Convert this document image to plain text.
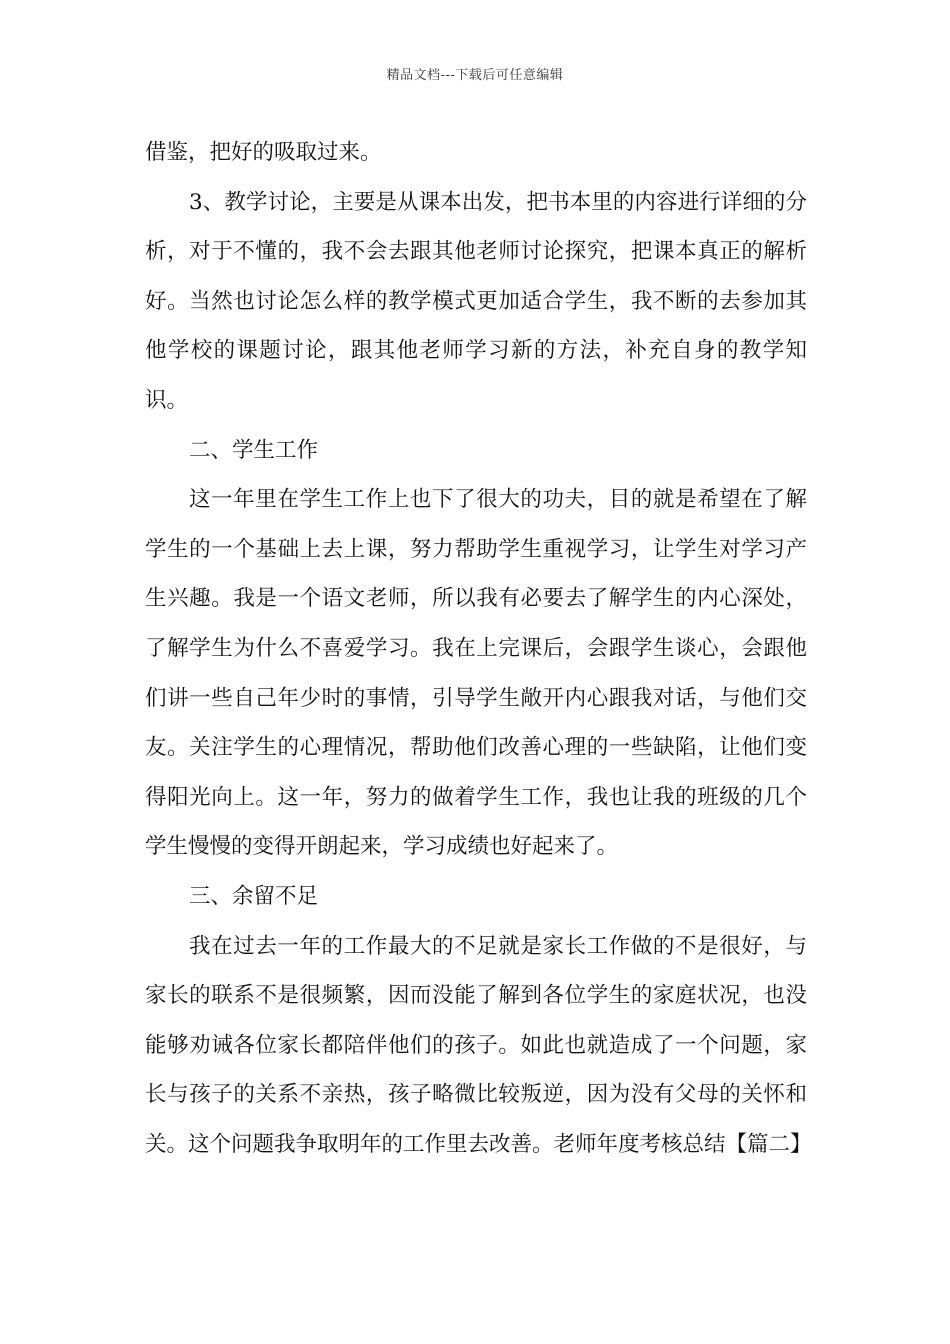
精品文档---下载后可任意编辑

借鉴，把好的吸取过来。

3、教学讨论，主要是从课本出发，把书本里的内容进行详细的分析，对于不懂的，我不会去跟其他老师讨论探究，把课本真正的解析好。当然也讨论怎么样的教学模式更加适合学生，我不断的去参加其他学校的课题讨论，跟其他老师学习新的方法，补充自身的教学知识。

二、学生工作

这一年里在学生工作上也下了很大的功夫，目的就是希望在了解学生的一个基础上去上课，努力帮助学生重视学习，让学生对学习产生兴趣。我是一个语文老师，所以我有必要去了解学生的内心深处，了解学生为什么不喜爱学习。我在上完课后，会跟学生谈心，会跟他们讲一些自己年少时的事情，引导学生敞开内心跟我对话，与他们交友。关注学生的心理情况，帮助他们改善心理的一些缺陷，让他们变得阳光向上。这一年，努力的做着学生工作，我也让我的班级的几个学生慢慢的变得开朗起来，学习成绩也好起来了。

三、余留不足

我在过去一年的工作最大的不足就是家长工作做的不是很好，与家长的联系不是很频繁，因而没能了解到各位学生的家庭状况，也没能够劝诫各位家长都陪伴他们的孩子。如此也就造成了一个问题，家长与孩子的关系不亲热，孩子略微比较叛逆，因为没有父母的关怀和关。这个问题我争取明年的工作里去改善。老师年度考核总结【篇二】
